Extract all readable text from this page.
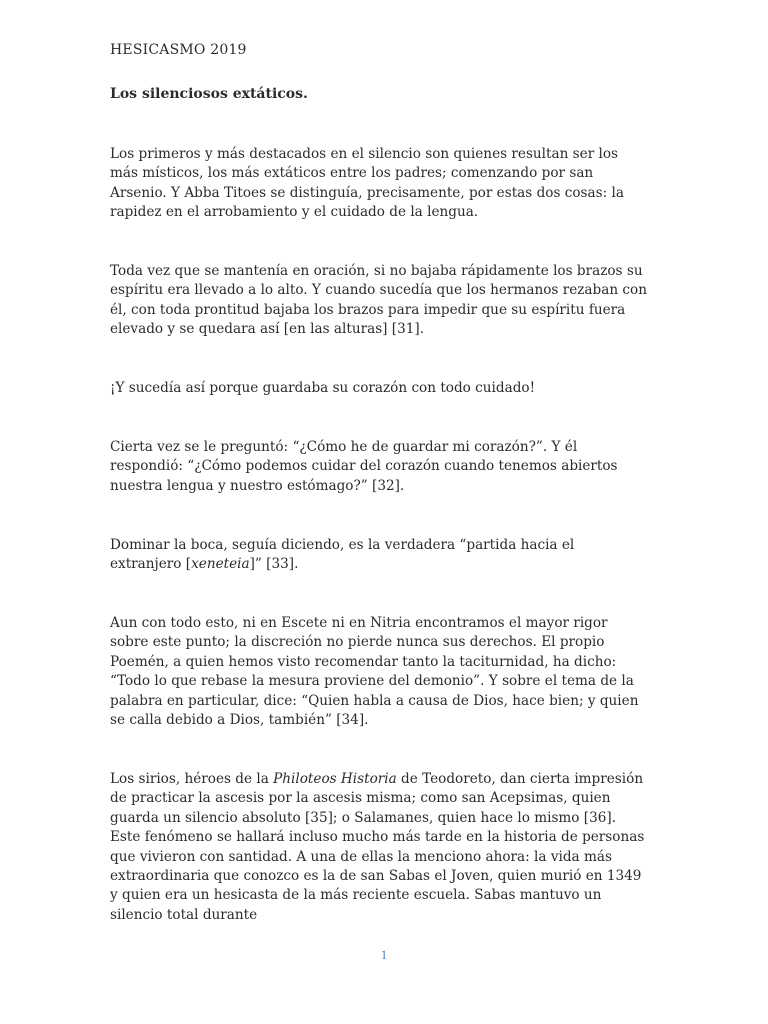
HESICASMO 2019
Los silenciosos extáticos.

Los primeros y más destacados en el silencio son quienes resultan ser los más místicos, los más extáticos entre los padres; comenzando por san Arsenio. Y Abba Titoes se distinguía, precisamente, por estas dos cosas: la rapidez en el arrobamiento y el cuidado de la lengua.

Toda vez que se mantenía en oración, si no bajaba rápidamente los brazos su espíritu era llevado a lo alto. Y cuando sucedía que los hermanos rezaban con él, con toda prontitud bajaba los brazos para impedir que su espíritu fuera elevado y se quedara así [en las alturas] [31].

¡Y sucedía así porque guardaba su corazón con todo cuidado!

Cierta vez se le preguntó: “¿Cómo he de guardar mi corazón?”. Y él respondió: “¿Cómo podemos cuidar del corazón cuando tenemos abiertos nuestra lengua y nuestro estómago?” [32].

Dominar la boca, seguía diciendo, es la verdadera “partida hacia el extranjero [xeneteia]” [33].

Aun con todo esto, ni en Escete ni en Nitria encontramos el mayor rigor sobre este punto; la discreción no pierde nunca sus derechos. El propio Poemén, a quien hemos visto recomendar tanto la taciturnidad, ha dicho: “Todo lo que rebase la mesura proviene del demonio”. Y sobre el tema de la palabra en particular, dice: “Quien habla a causa de Dios, hace bien; y quien se calla debido a Dios, también” [34].

Los sirios, héroes de la Philoteos Historia de Teodoreto, dan cierta impresión de practicar la ascesis por la ascesis misma; como san Acepsimas, quien guarda un silencio absoluto [35]; o Salamanes, quien hace lo mismo [36]. Este fenómeno se hallará incluso mucho más tarde en la historia de personas que vivieron con santidad. A una de ellas la menciono ahora: la vida más extraordinaria que conozco es la de san Sabas el Joven, quien murió en 1349 y quien era un hesicasta de la más reciente escuela. Sabas mantuvo un silencio total durante

1
